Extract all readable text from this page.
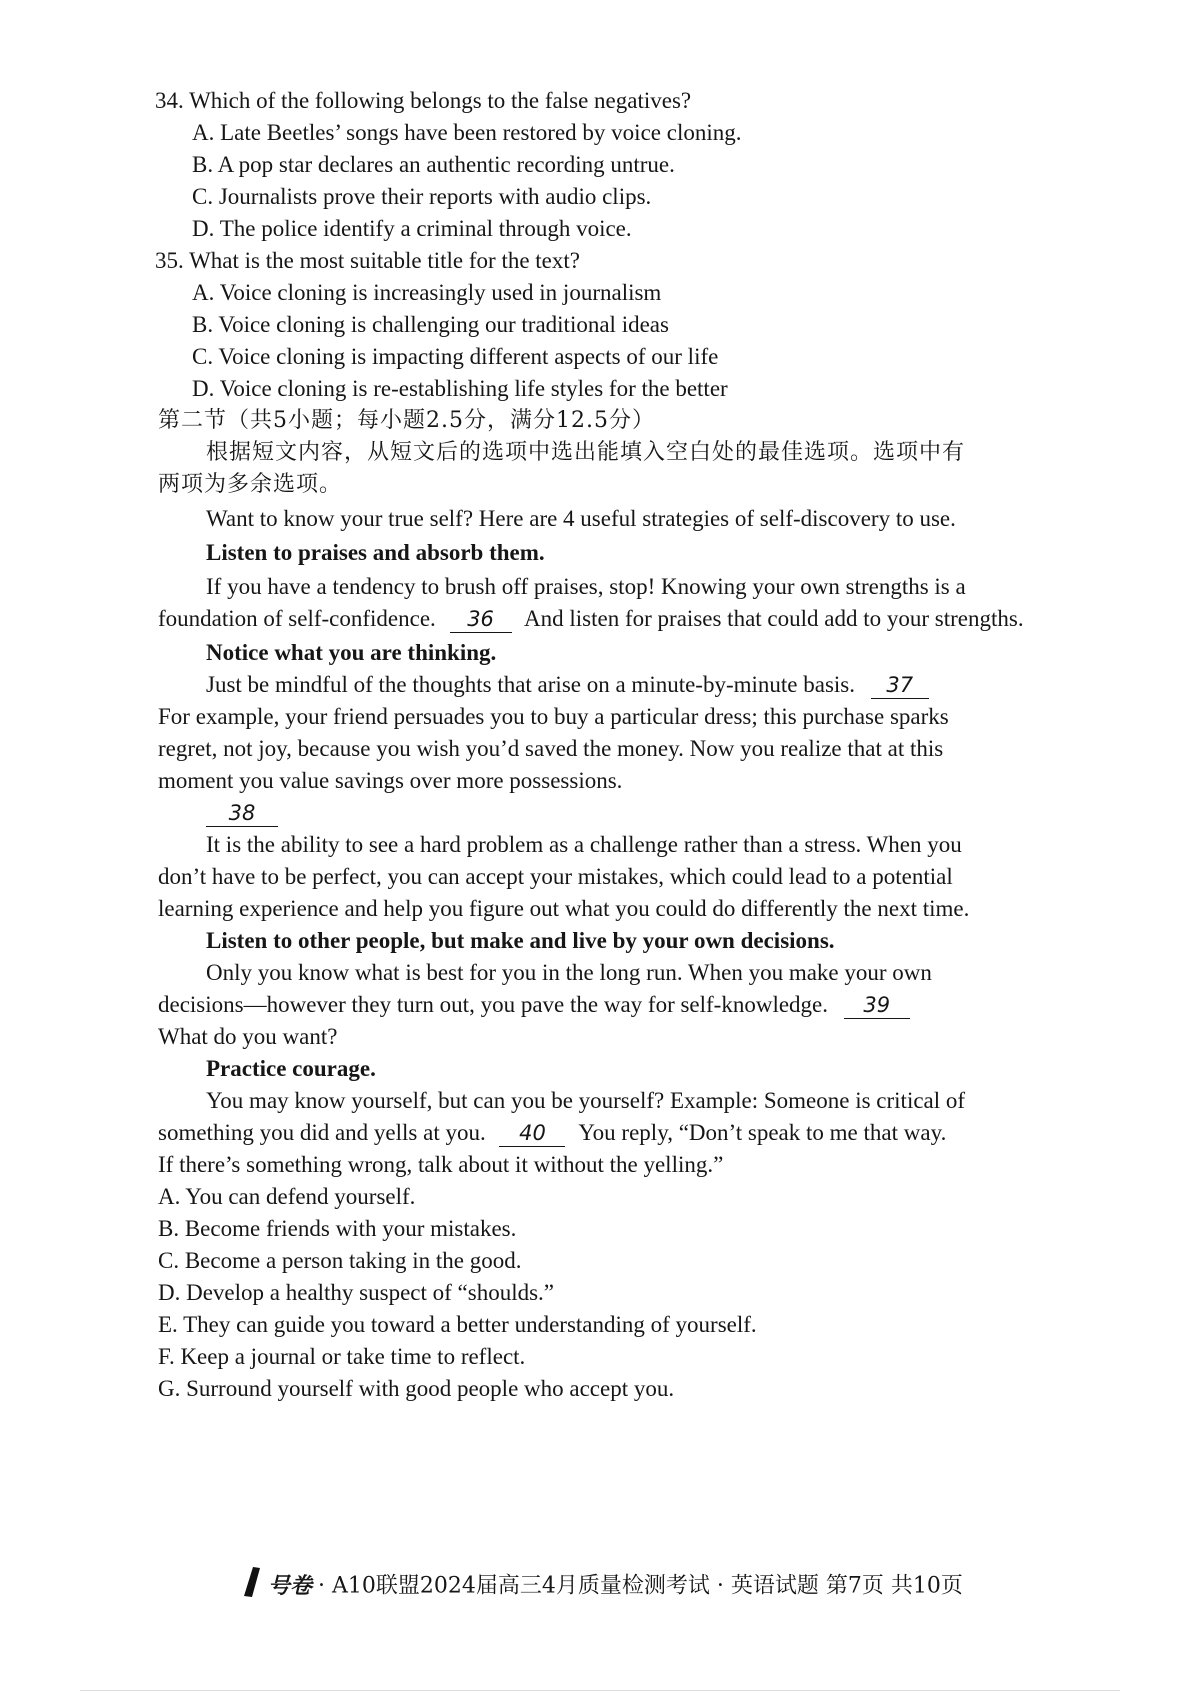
34. Which of the following belongs to the false negatives?
A. Late Beetles’ songs have been restored by voice cloning.
B. A pop star declares an authentic recording untrue.
C. Journalists prove their reports with audio clips.
D. The police identify a criminal through voice.
35. What is the most suitable title for the text?
A. Voice cloning is increasingly used in journalism
B. Voice cloning is challenging our traditional ideas
C. Voice cloning is impacting different aspects of our life
D. Voice cloning is re-establishing life styles for the better
第二节（共5小题；每小题2.5分，满分12.5分）
根据短文内容，从短文后的选项中选出能填入空白处的最佳选项。选项中有
两项为多余选项。
Want to know your true self? Here are 4 useful strategies of self-discovery to use.
Listen to praises and absorb them.
If you have a tendency to brush off praises, stop! Knowing your own strengths is a
foundation of self-confidence. 36 And listen for praises that could add to your strengths.
Notice what you are thinking.
Just be mindful of the thoughts that arise on a minute-by-minute basis. 37
For example, your friend persuades you to buy a particular dress; this purchase sparks
regret, not joy, because you wish you’d saved the money. Now you realize that at this
moment you value savings over more possessions.
38
It is the ability to see a hard problem as a challenge rather than a stress. When you
don’t have to be perfect, you can accept your mistakes, which could lead to a potential
learning experience and help you figure out what you could do differently the next time.
Listen to other people, but make and live by your own decisions.
Only you know what is best for you in the long run. When you make your own
decisions—however they turn out, you pave the way for self-knowledge. 39
What do you want?
Practice courage.
You may know yourself, but can you be yourself? Example: Someone is critical of
something you did and yells at you. 40 You reply, “Don’t speak to me that way.
If there’s something wrong, talk about it without the yelling.”
A. You can defend yourself.
B. Become friends with your mistakes.
C. Become a person taking in the good.
D. Develop a healthy suspect of “shoulds.”
E. They can guide you toward a better understanding of yourself.
F. Keep a journal or take time to reflect.
G. Surround yourself with good people who accept you.
号卷 · A10联盟2024届高三4月质量检测考试 · 英语试题 第7页 共10页
